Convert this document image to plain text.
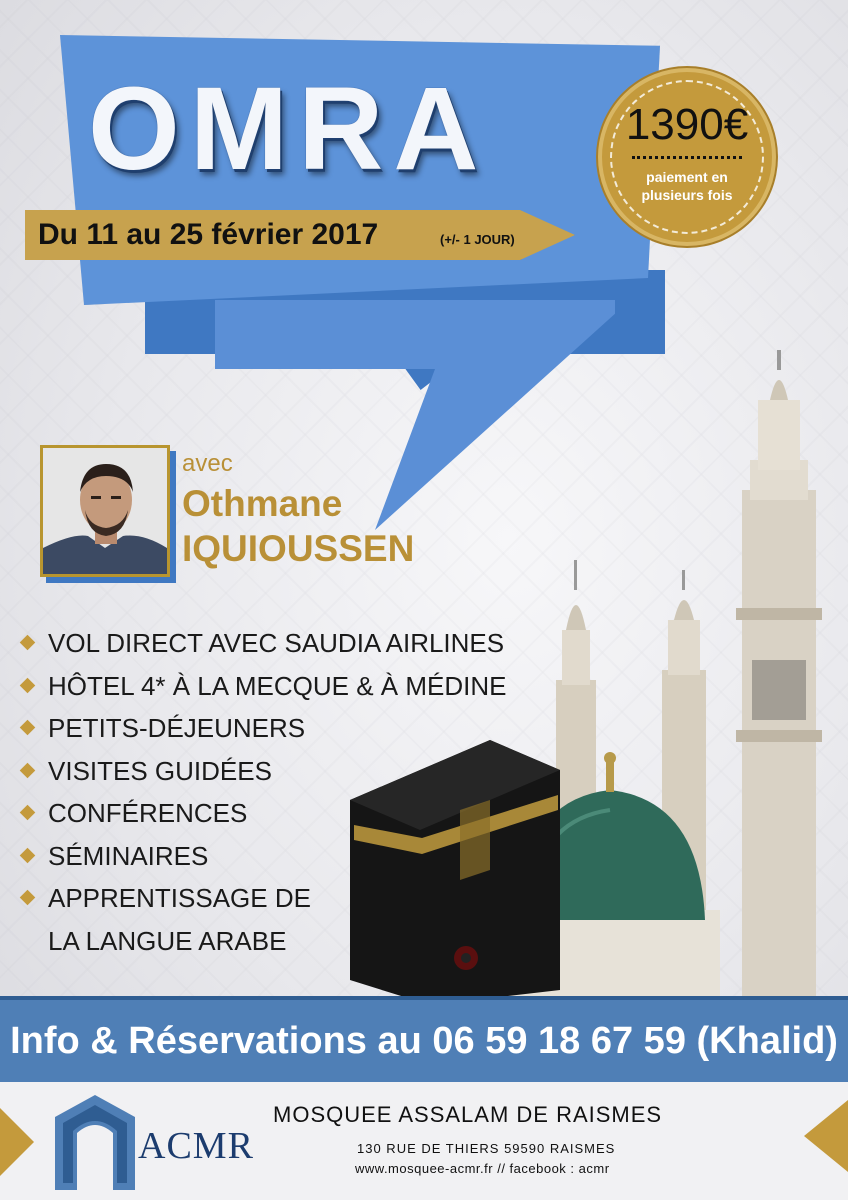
OMRA
Du 11 au 25 février 2017	(+/- 1 JOUR)
1390€
paiement en
plusieurs fois
avec
Othmane
IQUIOUSSEN
VOL DIRECT AVEC SAUDIA AIRLINES
HÔTEL 4* À LA MECQUE & À MÉDINE
PETITS-DÉJEUNERS
VISITES GUIDÉES
CONFÉRENCES
SÉMINAIRES
APPRENTISSAGE DE
LA LANGUE ARABE
Info & Réservations au 06 59 18 67 59 (Khalid)
ACMR
MOSQUEE ASSALAM DE RAISMES
130 RUE DE THIERS 59590 RAISMES
www.mosquee-acmr.fr // facebook : acmr
